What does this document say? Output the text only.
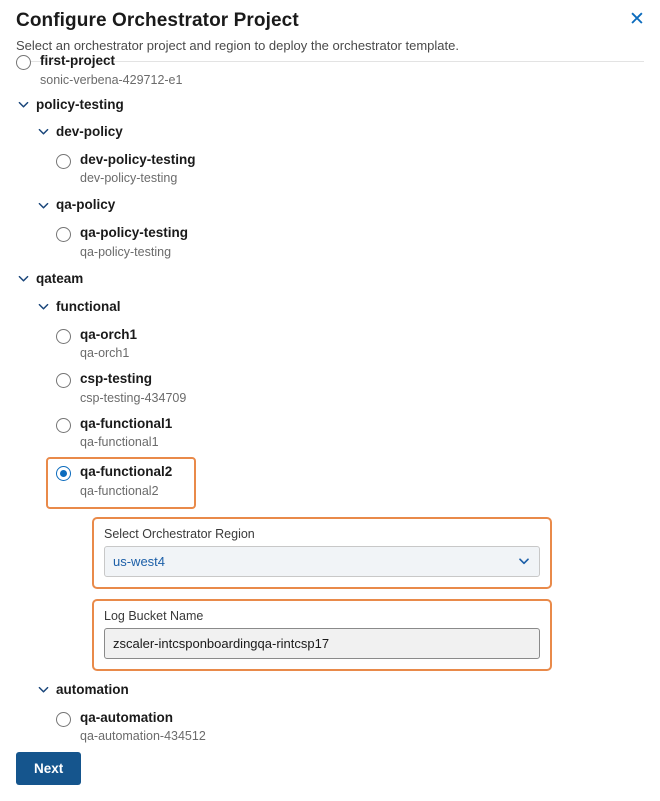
Configure Orchestrator Project
Select an orchestrator project and region to deploy the orchestrator template.
✕
first-project
sonic-verbena-429712-e1
policy-testing
dev-policy
dev-policy-testing
dev-policy-testing
qa-policy
qa-policy-testing
qa-policy-testing
qateam
functional
qa-orch1
qa-orch1
csp-testing
csp-testing-434709
qa-functional1
qa-functional1
qa-functional2
qa-functional2
Select Orchestrator Region
us-west4
Log Bucket Name
zscaler-intcsponboardingqa-rintcsp17
automation
qa-automation
qa-automation-434512
Next
